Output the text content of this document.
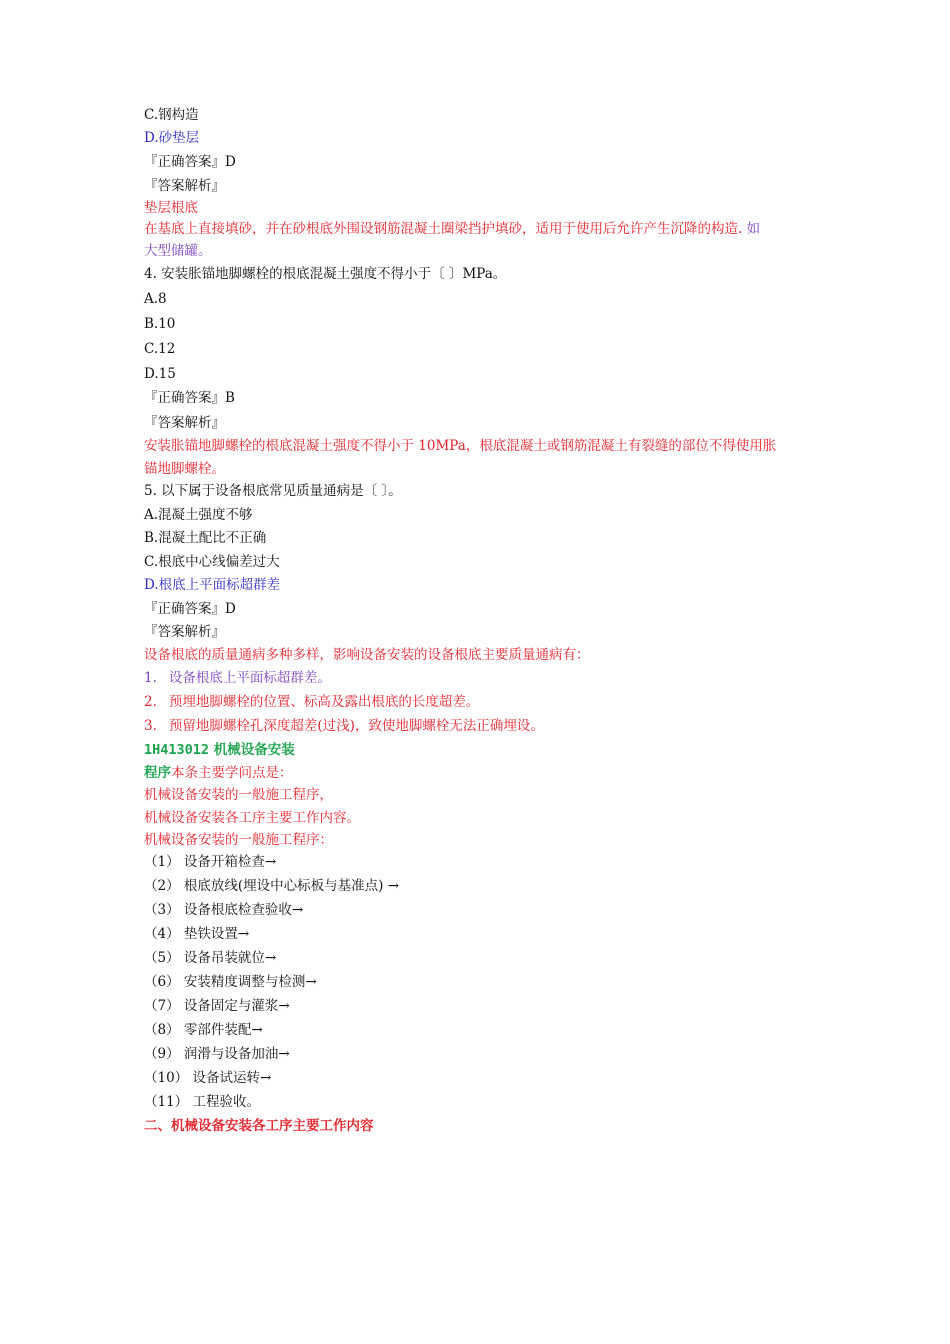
C.钢构造
D.砂垫层
『正确答案』D
『答案解析』
垫层根底
在基底上直接填砂，并在砂根底外围设钢筋混凝土圈梁挡护填砂，适用于使用后允许产生沉降的构造. 如
大型储罐。
4. 安装胀锚地脚螺栓的根底混凝土强度不得小于〔 〕MPa。
A.8
B.10
C.12
D.15
『正确答案』B
『答案解析』
安装胀锚地脚螺栓的根底混凝土强度不得小于 10MPa，根底混凝土或钢筋混凝土有裂缝的部位不得使用胀
锚地脚螺栓。
5. 以下属于设备根底常见质量通病是〔 〕。
A.混凝土强度不够
B.混凝土配比不正确
C.根底中心线偏差过大
D.根底上平面标超群差
『正确答案』D
『答案解析』
设备根底的质量通病多种多样，影响设备安装的设备根底主要质量通病有：
1. 设备根底上平面标超群差。
2. 预埋地脚螺栓的位置、标高及露出根底的长度超差。
3. 预留地脚螺栓孔深度超差(过浅)，致使地脚螺栓无法正确埋设。
1H413012 机械设备安装
程序本条主要学问点是：
机械设备安装的一般施工程序，
机械设备安装各工序主要工作内容。
机械设备安装的一般施工程序：
（1） 设备开箱检查→
（2） 根底放线(埋设中心标板与基准点) →
（3） 设备根底检查验收→
（4） 垫铁设置→
（5） 设备吊装就位→
（6） 安装精度调整与检测→
（7） 设备固定与灌浆→
（8） 零部件装配→
（9） 润滑与设备加油→
（10） 设备试运转→
（11） 工程验收。
二、机械设备安装各工序主要工作内容
